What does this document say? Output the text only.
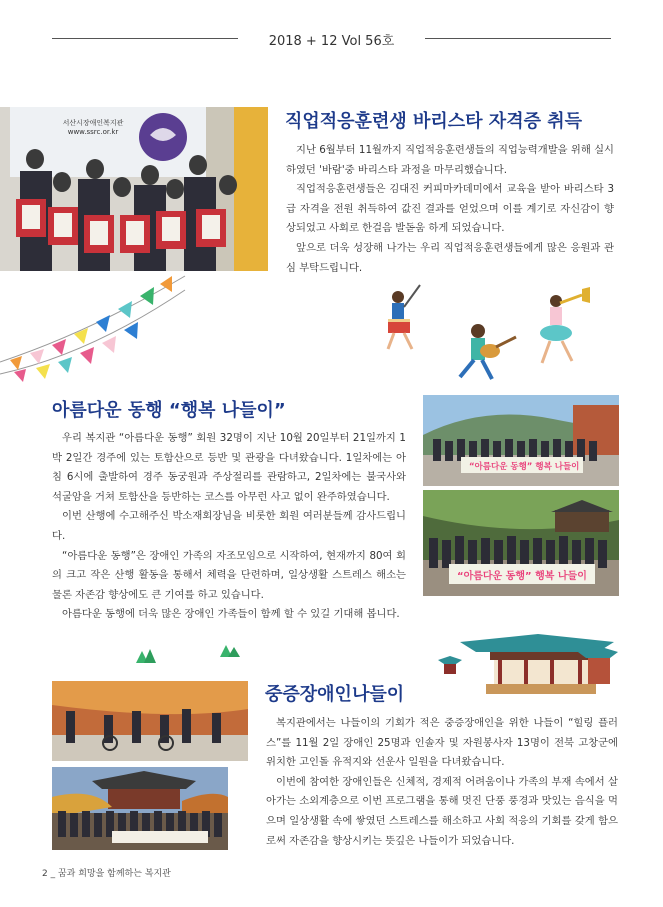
2018 + 12 Vol 56호
서산시장애인복지관
www.ssrc.or.kr	직업적응훈련생 바리스타 자격증 취득

지난 6월부터 11월까지 직업적응훈련생들의 직업능력개발을 위해 실시하였던 '바람'중 바리스타 과정을 마무리했습니다.

직업적응훈련생들은 김대진 커피마카데미에서 교육을 받아 바리스타 3급 자격을 전원 취득하여 값진 결과를 얻었으며 이를 계기로 자신감이 향상되었고 사회로 한걸음 발돋움 하게 되었습니다.

앞으로 더욱 성장해 나가는 우리 직업적응훈련생들에게 많은 응원과 관심 부탁드립니다.

아름다운 동행 “행복 나들이”

우리 복지관 “아름다운 동행” 회원 32명이 지난 10월 20일부터 21일까지 1박 2일간 경주에 있는 토함산으로 등반 및 관광을 다녀왔습니다. 1일차에는 아침 6시에 출발하여 경주 동궁원과 주상절리를 관람하고, 2일차에는 불국사와 석굴암을 거쳐 토함산을 등반하는 코스를 아무런 사고 없이 완주하였습니다.

이번 산행에 수고해주신 박소재회장님을 비롯한 회원 여러분들께 감사드립니다.

“아름다운 동행”은 장애인 가족의 자조모임으로 시작하여, 현재까지 80여 회의 크고 작은 산행 활동을 통해서 체력을 단련하며, 일상생활 스트레스 해소는 물론 자존감 향상에도 큰 기여를 하고 있습니다.

아름다운 동행에 더욱 많은 장애인 가족들이 함께 할 수 있길 기대해 봅니다.

“아름다운 동행” 행복 나들이
“아름다운 동행” 행복 나들이
중증장애인나들이

복지관에서는 나들이의 기회가 적은 중증장애인을 위한 나들이 “힐링 플러스”를 11월 2일 장애인 25명과 인솔자 및 자원봉사자 13명이 전북 고창군에 위치한 고인돌 유적지와 선운사 일원을 다녀왔습니다.

이번에 참여한 장애인들은 신체적, 경제적 어려움이나 가족의 부재 속에서 살아가는 소외계층으로 이번 프로그램을 통해 멋진 단풍 풍경과 맛있는 음식을 먹으며 일상생활 속에 쌓였던 스트레스를 해소하고 사회 적응의 기회를 갖게 함으로써 자존감을 향상시키는 뜻깊은 나들이가 되었습니다.

2 _ 꿈과 희망을 함께하는 복지관
